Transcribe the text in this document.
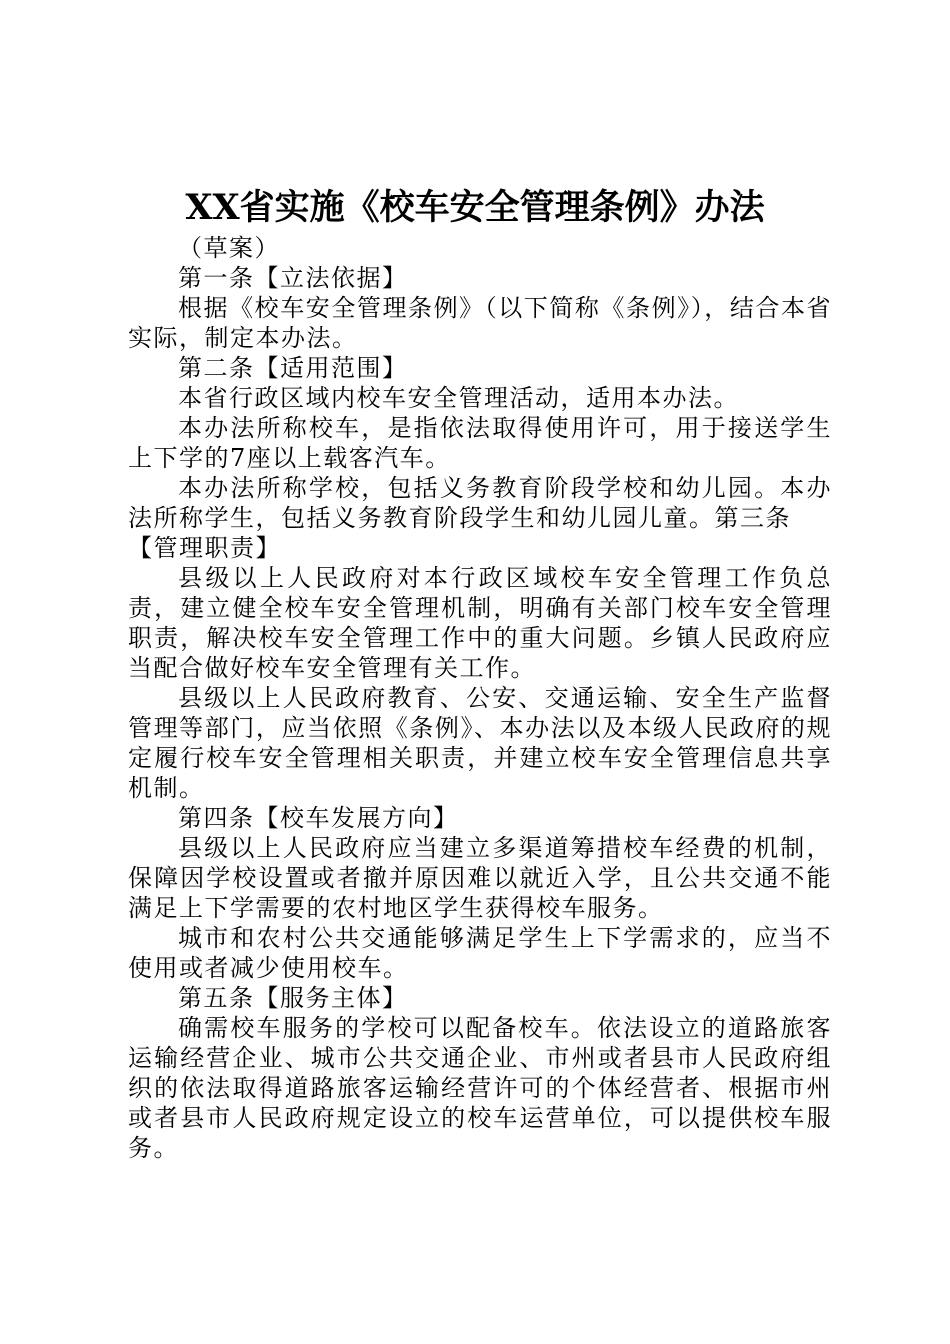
XX省实施《校车安全管理条例》办法

（草案）

第一条【立法依据】

根据《校车安全管理条例》（以下简称《条例》），结合本省实际，制定本办法。

第二条【适用范围】

本省行政区域内校车安全管理活动，适用本办法。

本办法所称校车，是指依法取得使用许可，用于接送学生上下学的7座以上载客汽车。

本办法所称学校，包括义务教育阶段学校和幼儿园。本办法所称学生，包括义务教育阶段学生和幼儿园儿童。第三条

【管理职责】

县级以上人民政府对本行政区域校车安全管理工作负总责，建立健全校车安全管理机制，明确有关部门校车安全管理职责，解决校车安全管理工作中的重大问题。乡镇人民政府应当配合做好校车安全管理有关工作。

县级以上人民政府教育、公安、交通运输、安全生产监督管理等部门，应当依照《条例》、本办法以及本级人民政府的规定履行校车安全管理相关职责，并建立校车安全管理信息共享机制。

第四条【校车发展方向】

县级以上人民政府应当建立多渠道筹措校车经费的机制，保障因学校设置或者撤并原因难以就近入学，且公共交通不能满足上下学需要的农村地区学生获得校车服务。

城市和农村公共交通能够满足学生上下学需求的，应当不使用或者减少使用校车。

第五条【服务主体】

确需校车服务的学校可以配备校车。依法设立的道路旅客运输经营企业、城市公共交通企业、市州或者县市人民政府组织的依法取得道路旅客运输经营许可的个体经营者、根据市州或者县市人民政府规定设立的校车运营单位，可以提供校车服务。
